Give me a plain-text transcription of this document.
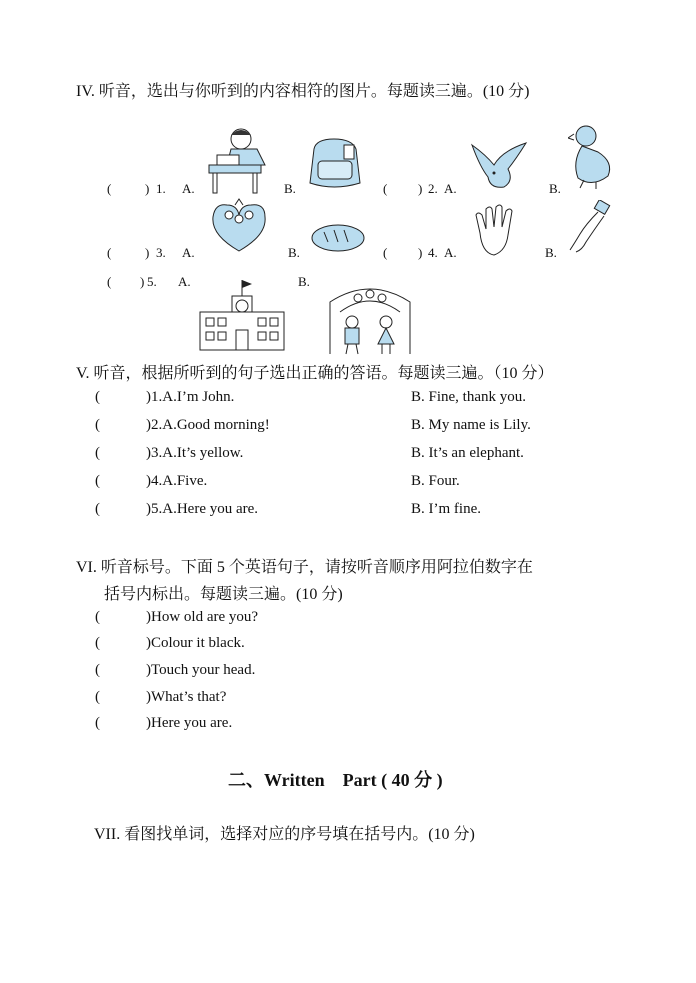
IV. 听音，选出与你听到的内容相符的图片。每题读三遍。(10 分)
(	) 1. A.	B.	( ) 2. A.	B.
(	) 3. A.	B.	( ) 4. A.	B.
( ) 5. A.	B.
V. 听音，根据所听到的句子选出正确的答语。每题读三遍。（10 分）
(	)1.A.I’m John.	B. Fine, thank you.
(	)2.A.Good morning!	B. My name is Lily.
(	)3.A.It’s yellow.	B. It’s an elephant.
(	)4.A.Five.	B. Four.
(	)5.A.Here you are.	B. I’m fine.
VI. 听音标号。下面 5 个英语句子，请按听音顺序用阿拉伯数字在
括号内标出。每题读三遍。(10 分)
(	)How old are you?
(	)Colour it black.
(	)Touch your head.
(	)What’s that?
(	)Here you are.
二、Written    Part ( 40 分 )
VII. 看图找单词，选择对应的序号填在括号内。(10 分)
